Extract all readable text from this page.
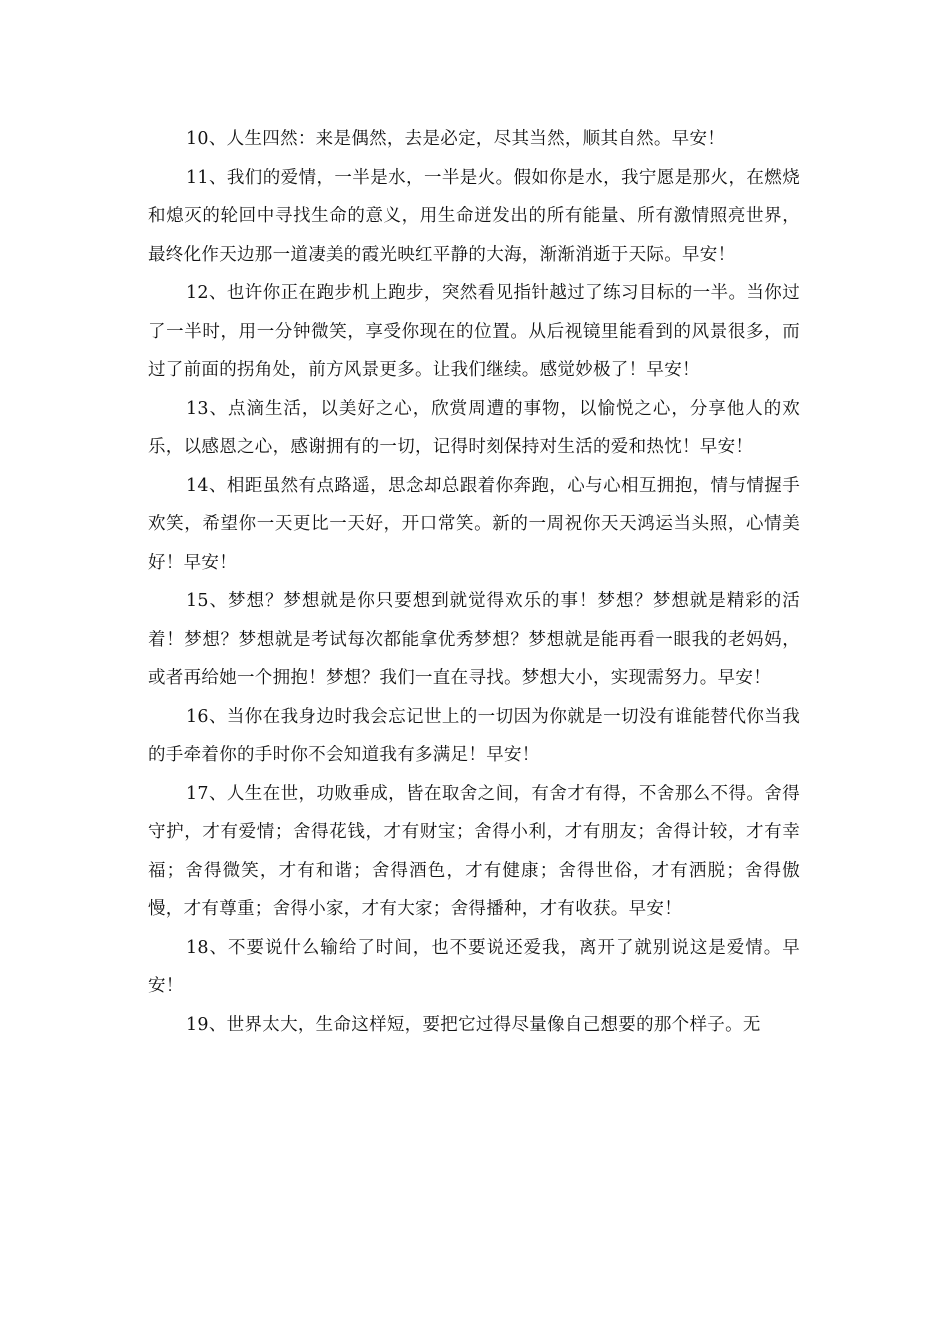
10、人生四然：来是偶然，去是必定，尽其当然，顺其自然。早安！

11、我们的爱情，一半是水，一半是火。假如你是水，我宁愿是那火，在燃烧和熄灭的轮回中寻找生命的意义，用生命迸发出的所有能量、所有激情照亮世界，最终化作天边那一道凄美的霞光映红平静的大海，渐渐消逝于天际。早安！

12、也许你正在跑步机上跑步，突然看见指针越过了练习目标的一半。当你过了一半时，用一分钟微笑，享受你现在的位置。从后视镜里能看到的风景很多，而过了前面的拐角处，前方风景更多。让我们继续。感觉妙极了！早安！

13、点滴生活，以美好之心，欣赏周遭的事物，以愉悦之心，分享他人的欢乐，以感恩之心，感谢拥有的一切，记得时刻保持对生活的爱和热忱！早安！

14、相距虽然有点路遥，思念却总跟着你奔跑，心与心相互拥抱，情与情握手欢笑，希望你一天更比一天好，开口常笑。新的一周祝你天天鸿运当头照，心情美好！早安！

15、梦想？梦想就是你只要想到就觉得欢乐的事！梦想？梦想就是精彩的活着！梦想？梦想就是考试每次都能拿优秀梦想？梦想就是能再看一眼我的老妈妈，或者再给她一个拥抱！梦想？我们一直在寻找。梦想大小，实现需努力。早安！

16、当你在我身边时我会忘记世上的一切因为你就是一切没有谁能替代你当我的手牵着你的手时你不会知道我有多满足！早安！

17、人生在世，功败垂成，皆在取舍之间，有舍才有得，不舍那么不得。舍得守护，才有爱情；舍得花钱，才有财宝；舍得小利，才有朋友；舍得计较，才有幸福；舍得微笑，才有和谐；舍得酒色，才有健康；舍得世俗，才有洒脱；舍得傲慢，才有尊重；舍得小家，才有大家；舍得播种，才有收获。早安！

18、不要说什么输给了时间，也不要说还爱我，离开了就别说这是爱情。早安！

19、世界太大，生命这样短，要把它过得尽量像自己想要的那个样子。无
